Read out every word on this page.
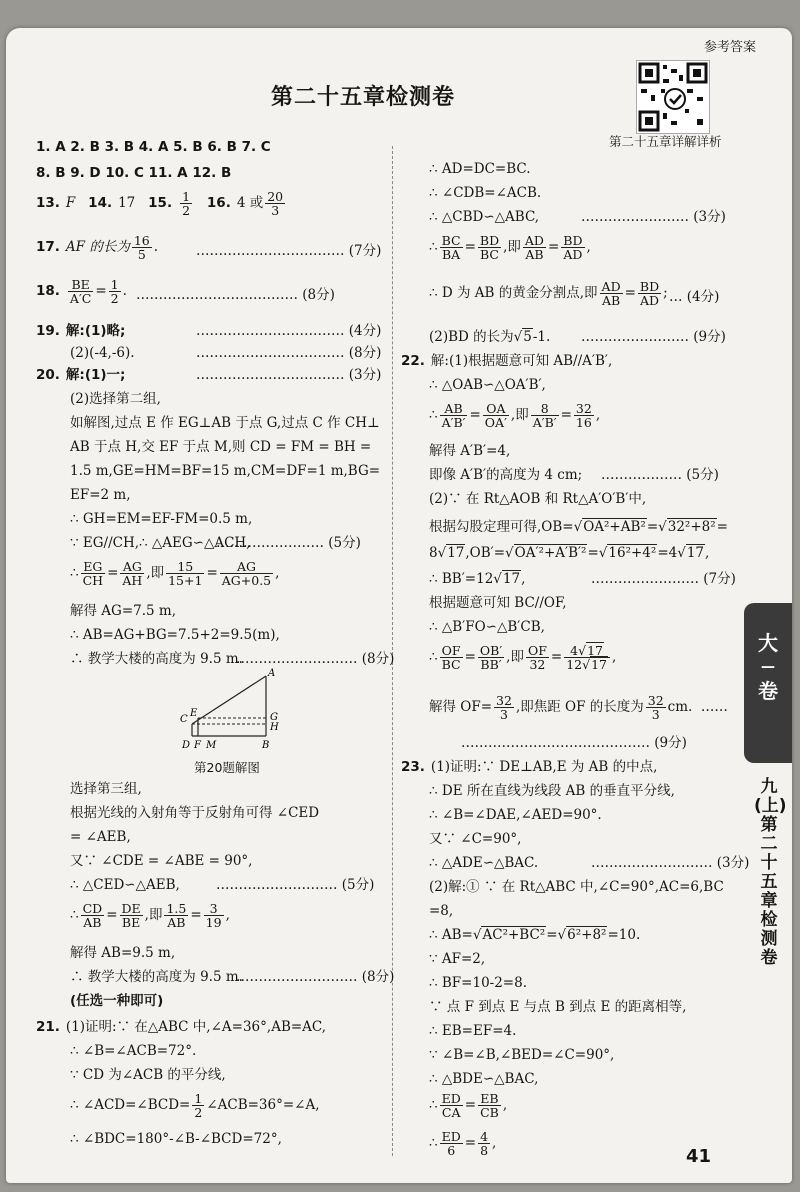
参考答案
第二十五章检测卷
第二十五章详解详析
1. A 2. B 3. B 4. A 5. B 6. B 7. C
8. B 9. D 10. C 11. A 12. B
13. F 14. 17 15. $\frac{1}{2} 16$. 4 或 $\frac{20}{3}$
17. AF 的长为 $\frac{16}{5}$ .	…………………………… (7分)
18. $\frac{BE}{A'C} = \frac{1}{2}$ . ……………………………… (8分)
19. 解:(1)略;	…………………………… (4分)
(2)(-4,-6).	…………………………… (8分)
20. 解:(1)一;	…………………………… (3分)
(2)选择第二组,
如解图,过点 E 作 EG⊥AB 于点 G,过点 C 作 CH⊥
AB 于点 H,交 EF 于点 M,则 CD = FM = BH =
1.5 m,GE=HM=BF=15 m,CM=DF=1 m,BG=
EF=2 m,
∴ GH=EM=EF-FM=0.5 m,
∵ EG//CH,∴ △AEG∽△ACH,
…………………… (5分)
∴ $\frac{EG}{CH} = \frac{AG}{AH}$ ,即 $\frac{15}{15+1} = \frac{AG}{AG+0.5}$ ,
解得 AG=7.5 m,
∴ AB=AG+BG=7.5+2=9.5(m),
∴ 教学大楼的高度为 9.5 m.
……………………… (8分)
A
C
E	G
H
D F M	B
第20题解图
选择第三组,
根据光线的入射角等于反射角可得 ∠CED
= ∠AEB,
又∵ ∠CDE = ∠ABE = 90°,
∴ △CED∽△AEB,	……………………… (5分)
∴ $\frac{CD}{AB} = \frac{DE}{BE}$ ,即 $\frac{1.5}{AB} = \frac{3}{19}$ ,
解得 AB=9.5 m,
∴ 教学大楼的高度为 9.5 m.
……………………… (8分)
(任选一种即可)
21. (1)证明:∵ 在△ABC 中,∠A=36°,AB=AC,
∴ ∠B=∠ACB=72°.
∵ CD 为∠ACB 的平分线,
∴ ∠ACD=∠BCD= $\frac{1}{2}$ ∠ACB=36°=∠A,
∴ ∠BDC=180°-∠B-∠BCD=72°,
∴ AD=DC=BC.
∴ ∠CDB=∠ACB.
∴ △CBD∽△ABC,	…………………… (3分)
∴ $\frac{BC}{BA} = \frac{BD}{BC}$ ,即 $\frac{AD}{AB} = \frac{BD}{AD}$ ,
∴ D 为 AB 的黄金分割点,即 $\frac{AD}{AB} = \frac{BD}{AD}$ ; … (4分)
(2)BD 的长为√5-1. …………………… (9分)
22. 解:(1)根据题意可知 AB//A′B′,
∴ △OAB∽△OA′B′,
∴ $\frac{AB}{A'B'} = \frac{OA}{OA'}$ ,即 $\frac{8}{A'B'} = \frac{32}{16}$ ,
解得 A′B′=4,
即像 A′B′的高度为 4 cm; ……………… (5分)
(2)∵ 在 Rt△AOB 和 Rt△A′O′B′中,
根据勾股定理可得,OB=√OA²+AB²=√32²+8²=
8√17,OB′=√OA′²+A′B′²=√16²+4²=4√17,
∴ BB′=12√17,	…………………… (7分)
根据题意可知 BC//OF,
∴ △B′FO∽△B′CB,
∴ $\frac{OF}{BC} = \frac{OB'}{BB'}$ ,即 $\frac{OF}{32} = \frac{4√17}{12√17}$ ,
解得 $OF= \frac{32}{3}$ ,即焦距 OF 的长度为 $\frac{32}{3}$ cm. ……
…………………………………… (9分)
23. (1)证明:∵ DE⊥AB,E 为 AB 的中点,
∴ DE 所在直线为线段 AB 的垂直平分线,
∴ ∠B=∠DAE,∠AED=90°.
又∵ ∠C=90°,
∴ △ADE∽△BAC.	……………………… (3分)
(2)解:① ∵ 在 Rt△ABC 中,∠C=90°,AC=6,BC
=8,
∴ AB=√AC²+BC²=√6²+8²=10.
∵ AF=2,
∴ BF=10-2=8.
∵ 点 F 到点 E 与点 B 到点 E 的距离相等,
∴ EB=EF=4.
∵ ∠B=∠B,∠BED=∠C=90°,
∴ △BDE∽△BAC,
∴ $\frac{ED}{CA} = \frac{EB}{CB}$ ,
∴ $\frac{ED}{6} = \frac{4}{8}$ ,
大
—
卷
九(上) 第二十五章检测卷
41
